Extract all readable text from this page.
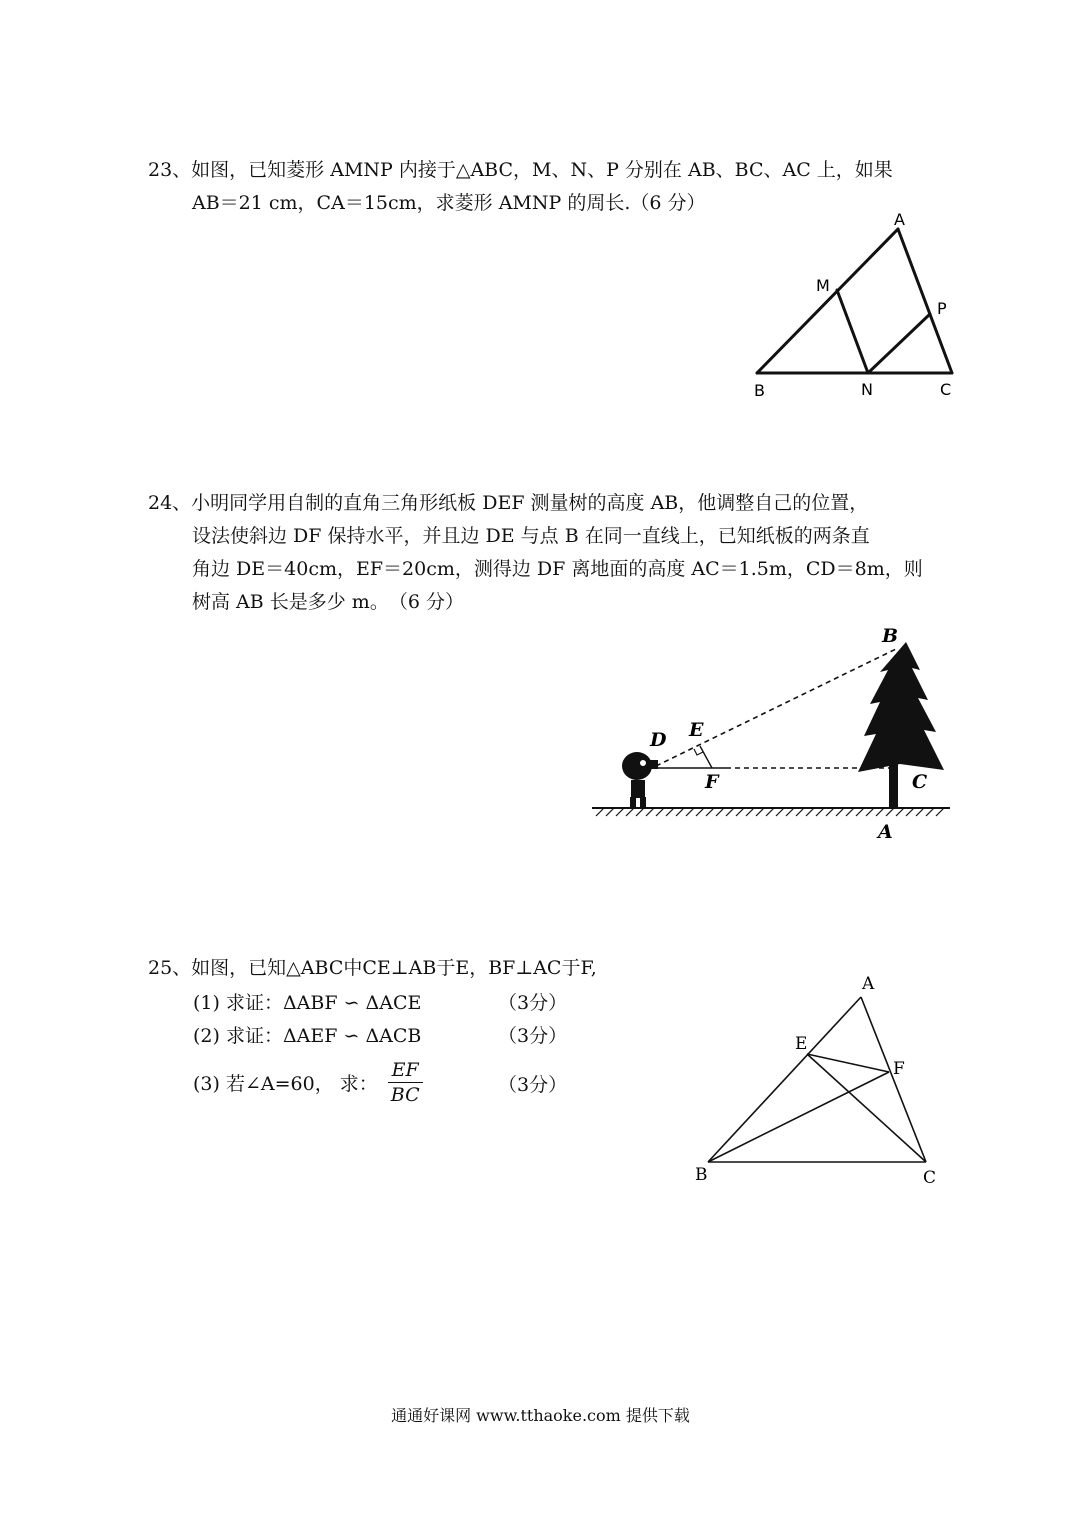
23、如图，已知菱形 AMNP 内接于△ABC，M、N、P 分别在 AB、BC、AC 上，如果

AB＝21 cm，CA＝15cm，求菱形 AMNP 的周长.（6 分）

A
M
P
B	N	C

24、小明同学用自制的直角三角形纸板 DEF 测量树的高度 AB，他调整自己的位置，

设法使斜边 DF 保持水平，并且边 DE 与点 B 在同一直线上，已知纸板的两条直

角边 DE＝40cm，EF＝20cm，测得边 DF 离地面的高度 AC＝1.5m，CD＝8m，则

树高 AB 长是多少 m。　（6 分）

B
E
D
F	C
A

25、如图，已知△ABC中CE⊥AB于E，BF⊥AC于F,

(1) 求证：ΔABF ∽ ΔACE	（3分）
(2) 求证：ΔAEF ∽ ΔACB	（3分）
(3) 若∠A=60， 求： $\frac{EF}{BC}$	（3分）
A
E
F
B	C
通通好课网 www.tthaoke.com 提供下载
